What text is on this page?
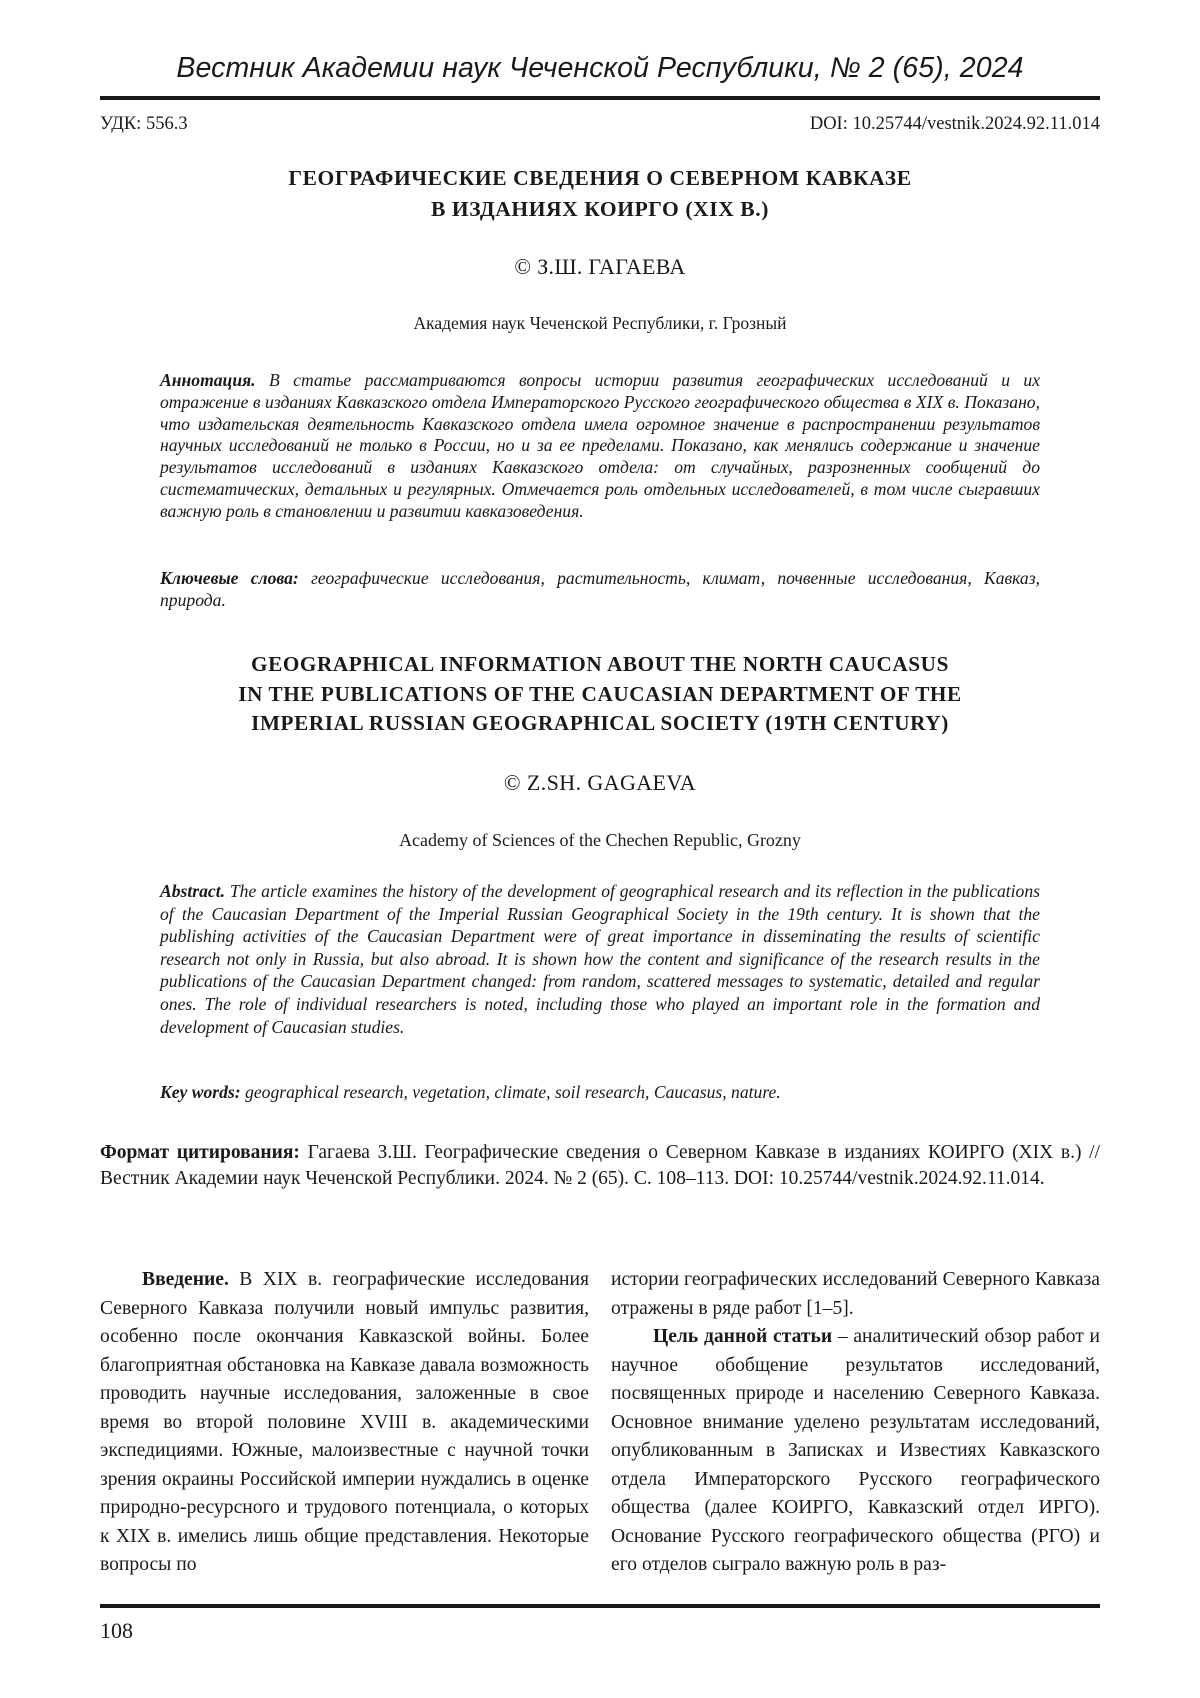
Вестник Академии наук Чеченской Республики, № 2 (65), 2024
УДК: 556.3	DOI: 10.25744/vestnik.2024.92.11.014
ГЕОГРАФИЧЕСКИЕ СВЕДЕНИЯ О СЕВЕРНОМ КАВКАЗЕ
В ИЗДАНИЯХ КОИРГО (XIX В.)
© З.Ш. ГАГАЕВА
Академия наук Чеченской Республики, г. Грозный
Аннотация. В статье рассматриваются вопросы истории развития географических исследований и их отражение в изданиях Кавказского отдела Императорского Русского географического общества в XIX в. Показано, что издательская деятельность Кавказского отдела имела огромное значение в распространении результатов научных исследований не только в России, но и за ее пределами. Показано, как менялись содержание и значение результатов исследований в изданиях Кавказского отдела: от случайных, разрозненных сообщений до систематических, детальных и регулярных. Отмечается роль отдельных исследователей, в том числе сыгравших важную роль в становлении и развитии кавказоведения.
Ключевые слова: географические исследования, растительность, климат, почвенные исследования, Кавказ, природа.
GEOGRAPHICAL INFORMATION ABOUT THE NORTH CAUCASUS
IN THE PUBLICATIONS OF THE CAUCASIAN DEPARTMENT OF THE
IMPERIAL RUSSIAN GEOGRAPHICAL SOCIETY (19TH CENTURY)
© Z.SH. GAGAEVA
Academy of Sciences of the Chechen Republic, Grozny
Abstract. The article examines the history of the development of geographical research and its reflection in the publications of the Caucasian Department of the Imperial Russian Geographical Society in the 19th century. It is shown that the publishing activities of the Caucasian Department were of great importance in disseminating the results of scientific research not only in Russia, but also abroad. It is shown how the content and significance of the research results in the publications of the Caucasian Department changed: from random, scattered messages to systematic, detailed and regular ones. The role of individual researchers is noted, including those who played an important role in the formation and development of Caucasian studies.
Key words: geographical research, vegetation, climate, soil research, Caucasus, nature.
Формат цитирования: Гагаева З.Ш. Географические сведения о Северном Кавказе в изданиях КОИРГО (XIX в.) // Вестник Академии наук Чеченской Республики. 2024. № 2 (65). С. 108–113. DOI: 10.25744/vestnik.2024.92.11.014.

Введение. В XIX в. географические исследования Северного Кавказа получили новый импульс развития, особенно после окончания Кавказской войны. Более благоприятная обстановка на Кавказе давала возможность проводить научные исследования, заложенные в свое время во второй половине XVIII в. академическими экспедициями. Южные, малоизвестные с научной точки зрения окраины Российской империи нуждались в оценке природно-ресурсного и трудового потенциала, о которых к XIX в. имелись лишь общие представления. Некоторые вопросы по

истории географических исследований Северного Кавказа отражены в ряде работ [1–5].

Цель данной статьи – аналитический обзор работ и научное обобщение результатов исследований, посвященных природе и населению Северного Кавказа. Основное внимание уделено результатам исследований, опубликованным в Записках и Известиях Кавказского отдела Императорского Русского географического общества (далее КОИРГО, Кавказский отдел ИРГО). Основание Русского географического общества (РГО) и его отделов сыграло важную роль в раз-

108
